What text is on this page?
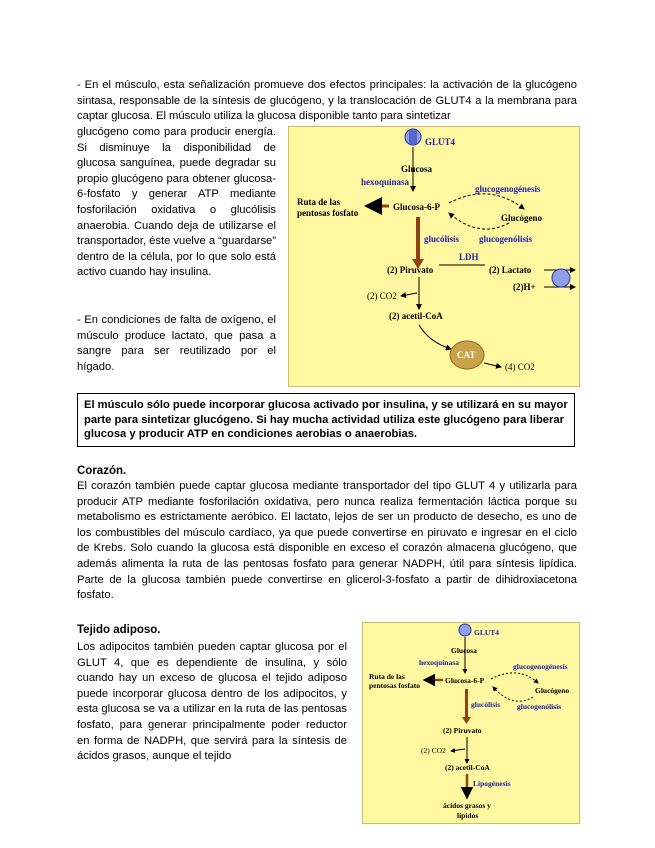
- En el músculo, esta señalización promueve dos efectos principales: la activación de la glucógeno sintasa, responsable de la síntesis de glucógeno, y la translocación de GLUT4 a la membrana para captar glucosa. El músculo utiliza la glucosa disponible tanto para sintetizar

glucógeno como para producir energía. Si disminuye la disponibilidad de glucosa sanguínea, puede degradar su propio glucógeno para obtener glucosa-6-fosfato y generar ATP mediante fosforilación oxidativa o glucólisis anaerobia. Cuando deja de utilizarse el transportador, éste vuelve a “guardarse” dentro de la célula, por lo que solo está activo cuando hay insulina.

- En condiciones de falta de oxígeno, el músculo produce lactato, que pasa a sangre para ser reutilizado por el hígado.

GLUT4
Glucosa
hexoquinasa
Ruta de las
pentosas fosfato
Glucosa-6-P
glucogenogénesis
Glucógeno
glucólisis glucogenólisis
LDH
(2) Piruvato	(2) Lactato
(2)H+
(2) CO2
(2) acetil-CoA
CAT
(4) CO2
El músculo sólo puede incorporar glucosa activado por insulina, y se utilizará en su mayor parte para sintetizar glucógeno. Si hay mucha actividad utiliza este glucógeno para liberar glucosa y producir ATP en condiciones aerobias o anaerobias.

Corazón.

El corazón también puede captar glucosa mediante transportador del tipo GLUT 4 y utilizarla para producir ATP mediante fosforilación oxidativa, pero nunca realiza fermentación láctica porque su metabolismo es estrictamente aeróbico. El lactato, lejos de ser un producto de desecho, es uno de los combustibles del músculo cardíaco, ya que puede convertirse en piruvato e ingresar en el ciclo de Krebs. Solo cuando la glucosa está disponible en exceso el corazón almacena glucógeno, que además alimenta la ruta de las pentosas fosfato para generar NADPH, útil para síntesis lipídica. Parte de la glucosa también puede convertirse en glicerol-3-fosfato a partir de dihidroxiacetona fosfato.

Tejido adiposo.

Los adipocitos también pueden captar glucosa por el GLUT 4, que es dependiente de insulina, y sólo cuando hay un exceso de glucosa el tejido adiposo puede incorporar glucosa dentro de los adipocitos, y esta glucosa se va a utilizar en la ruta de las pentosas fosfato, para generar principalmente poder reductor en forma de NADPH, que servirá para la síntesis de ácidos grasos, aunque el tejido

GLUT4
Glucosa
hexoquinasa
Ruta de las
pentosas fosfato
Glucosa-6-P
glucogenogénesis
Glucógeno
glucólisis glucogenólisis
(2) Piruvato
(2) CO2
(2) acetil-CoA
Lipogénesis
ácidos grasos y
lípidos
